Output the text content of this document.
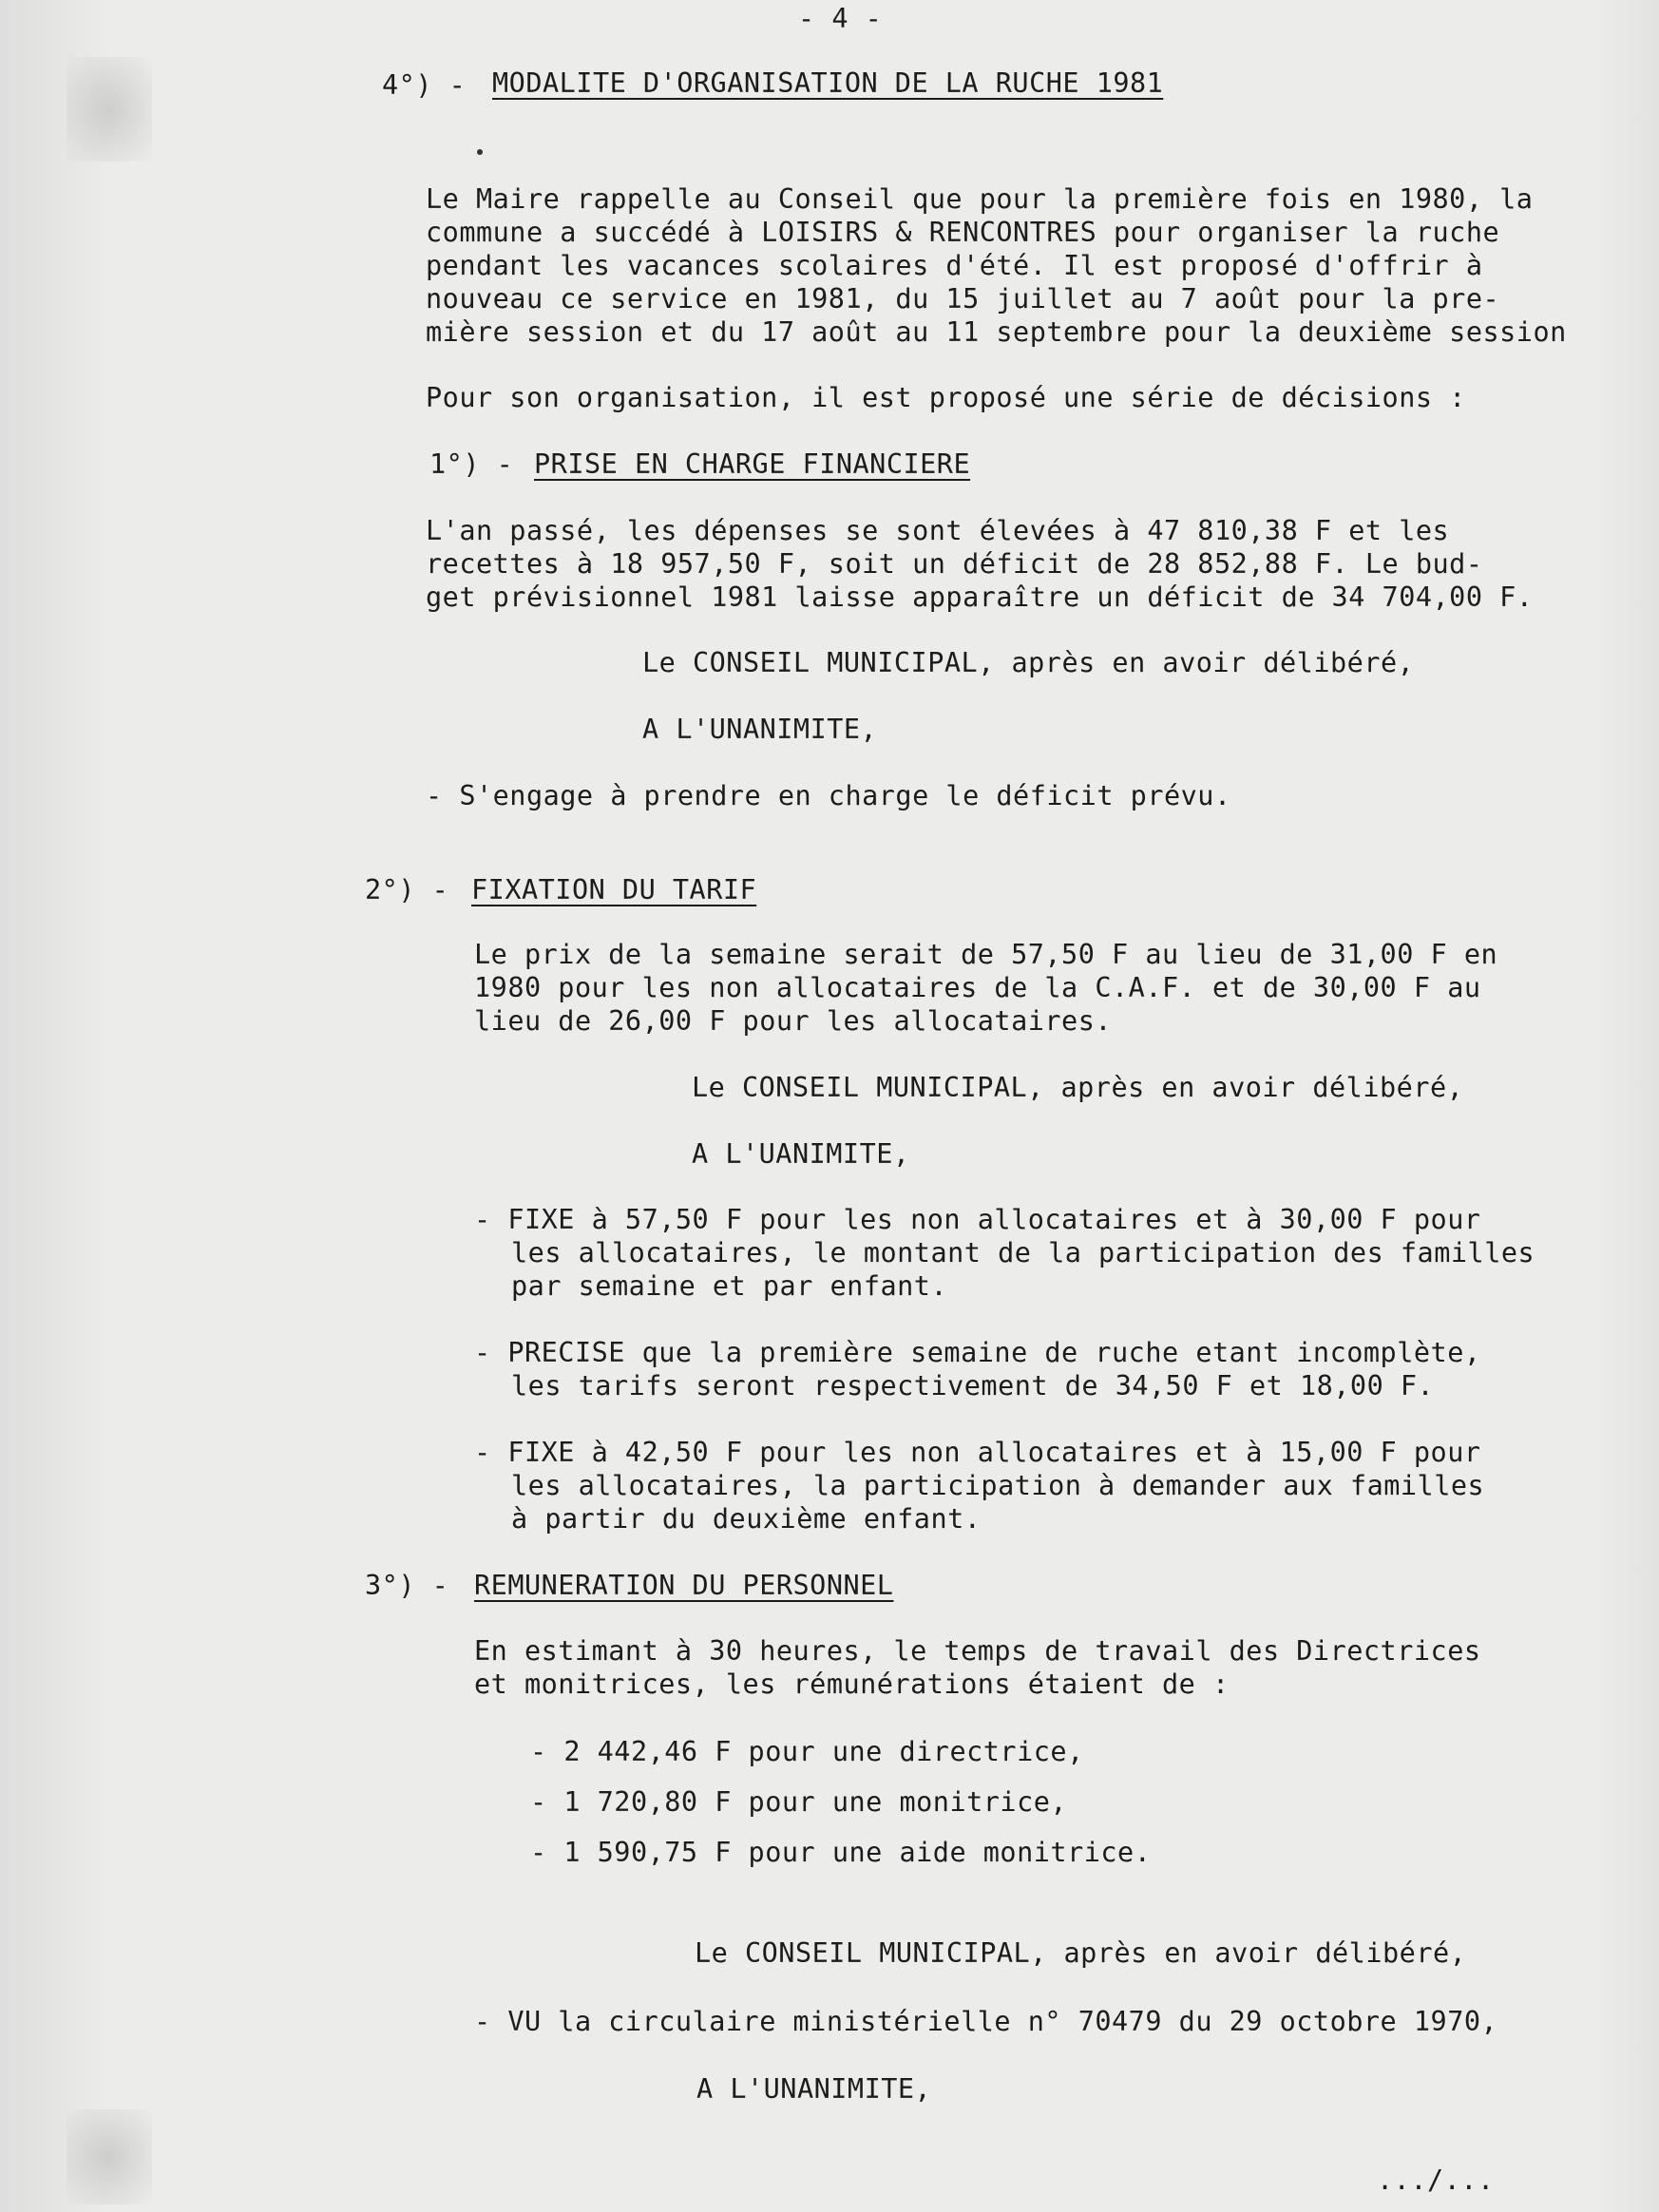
- 4 -
4°) - MODALITE D'ORGANISATION DE LA RUCHE 1981
Le Maire rappelle au Conseil que pour la première fois en 1980, la
commune a succédé à LOISIRS & RENCONTRES pour organiser la ruche
pendant les vacances scolaires d'été. Il est proposé d'offrir à
nouveau ce service en 1981, du 15 juillet au 7 août pour la pre-
mière session et du 17 août au 11 septembre pour la deuxième session
Pour son organisation, il est proposé une série de décisions :
1°) - PRISE EN CHARGE FINANCIERE
L'an passé, les dépenses se sont élevées à 47 810,38 F et les
recettes à 18 957,50 F, soit un déficit de 28 852,88 F. Le bud-
get prévisionnel 1981 laisse apparaître un déficit de 34 704,00 F.
Le CONSEIL MUNICIPAL, après en avoir délibéré,
A L'UNANIMITE,
- S'engage à prendre en charge le déficit prévu.
2°) - FIXATION DU TARIF
Le prix de la semaine serait de 57,50 F au lieu de 31,00 F en
1980 pour les non allocataires de la C.A.F. et de 30,00 F au
lieu de 26,00 F pour les allocataires.
Le CONSEIL MUNICIPAL, après en avoir délibéré,
A L'UANIMITE,
- FIXE à 57,50 F pour les non allocataires et à 30,00 F pour
les allocataires, le montant de la participation des familles
par semaine et par enfant.
- PRECISE que la première semaine de ruche etant incomplète,
les tarifs seront respectivement de 34,50 F et 18,00 F.
- FIXE à 42,50 F pour les non allocataires et à 15,00 F pour
les allocataires, la participation à demander aux familles
à partir du deuxième enfant.
3°) - REMUNERATION DU PERSONNEL
En estimant à 30 heures, le temps de travail des Directrices
et monitrices, les rémunérations étaient de :
- 2 442,46 F pour une directrice,
- 1 720,80 F pour une monitrice,
- 1 590,75 F pour une aide monitrice.
Le CONSEIL MUNICIPAL, après en avoir délibéré,
- VU la circulaire ministérielle n° 70479 du 29 octobre 1970,
A L'UNANIMITE,
.../...
